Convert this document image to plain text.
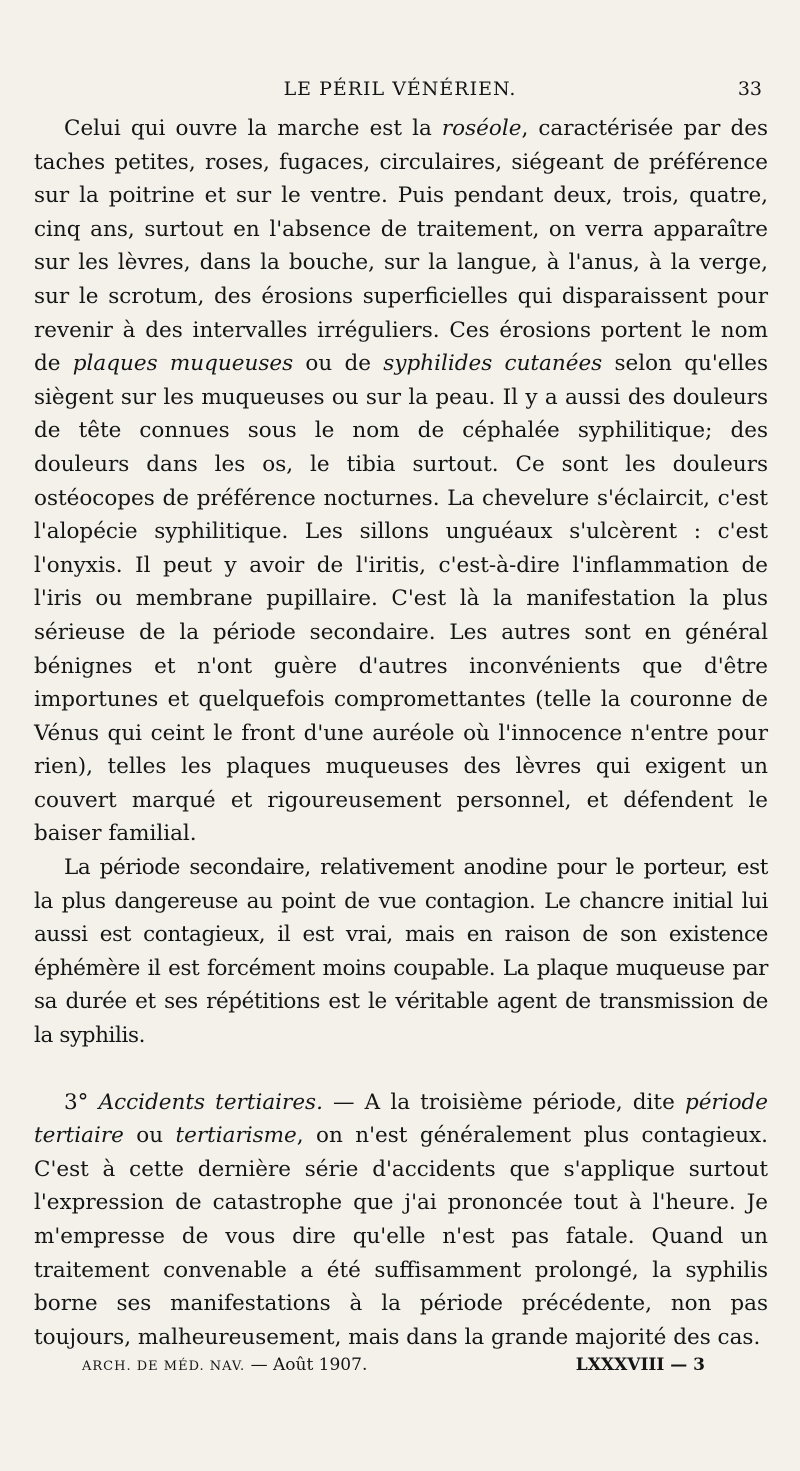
LE PÉRIL VÉNÉRIEN.	33

Celui qui ouvre la marche est la roséole, caractérisée par des taches petites, roses, fugaces, circulaires, siégeant de préférence sur la poitrine et sur le ventre. Puis pendant deux, trois, quatre, cinq ans, surtout en l'absence de traitement, on verra apparaître sur les lèvres, dans la bouche, sur la langue, à l'anus, à la verge, sur le scrotum, des érosions superficielles qui disparaissent pour revenir à des intervalles irréguliers. Ces érosions portent le nom de plaques muqueuses ou de syphilides cutanées selon qu'elles siègent sur les muqueuses ou sur la peau. Il y a aussi des douleurs de tête connues sous le nom de céphalée syphilitique; des douleurs dans les os, le tibia surtout. Ce sont les douleurs ostéocopes de préférence nocturnes. La chevelure s'éclaircit, c'est l'alopécie syphilitique. Les sillons unguéaux s'ulcèrent : c'est l'onyxis. Il peut y avoir de l'iritis, c'est-à-dire l'inflammation de l'iris ou membrane pupillaire. C'est là la manifestation la plus sérieuse de la période secondaire. Les autres sont en général bénignes et n'ont guère d'autres inconvénients que d'être importunes et quelquefois compromettantes (telle la couronne de Vénus qui ceint le front d'une auréole où l'innocence n'entre pour rien), telles les plaques muqueuses des lèvres qui exigent un couvert marqué et rigoureusement personnel, et défendent le baiser familial.

La période secondaire, relativement anodine pour le porteur, est la plus dangereuse au point de vue contagion. Le chancre initial lui aussi est contagieux, il est vrai, mais en raison de son existence éphémère il est forcément moins coupable. La plaque muqueuse par sa durée et ses répétitions est le véritable agent de transmission de la syphilis.

3° Accidents tertiaires. — A la troisième période, dite période tertiaire ou tertiarisme, on n'est généralement plus contagieux. C'est à cette dernière série d'accidents que s'applique surtout l'expression de catastrophe que j'ai prononcée tout à l'heure. Je m'empresse de vous dire qu'elle n'est pas fatale. Quand un traitement convenable a été suffisamment prolongé, la syphilis borne ses manifestations à la période précédente, non pas toujours, malheureusement, mais dans la grande majorité des cas.

ARCH. DE MÉD. NAV. — Août 1907.	LXXXVIII — 3
